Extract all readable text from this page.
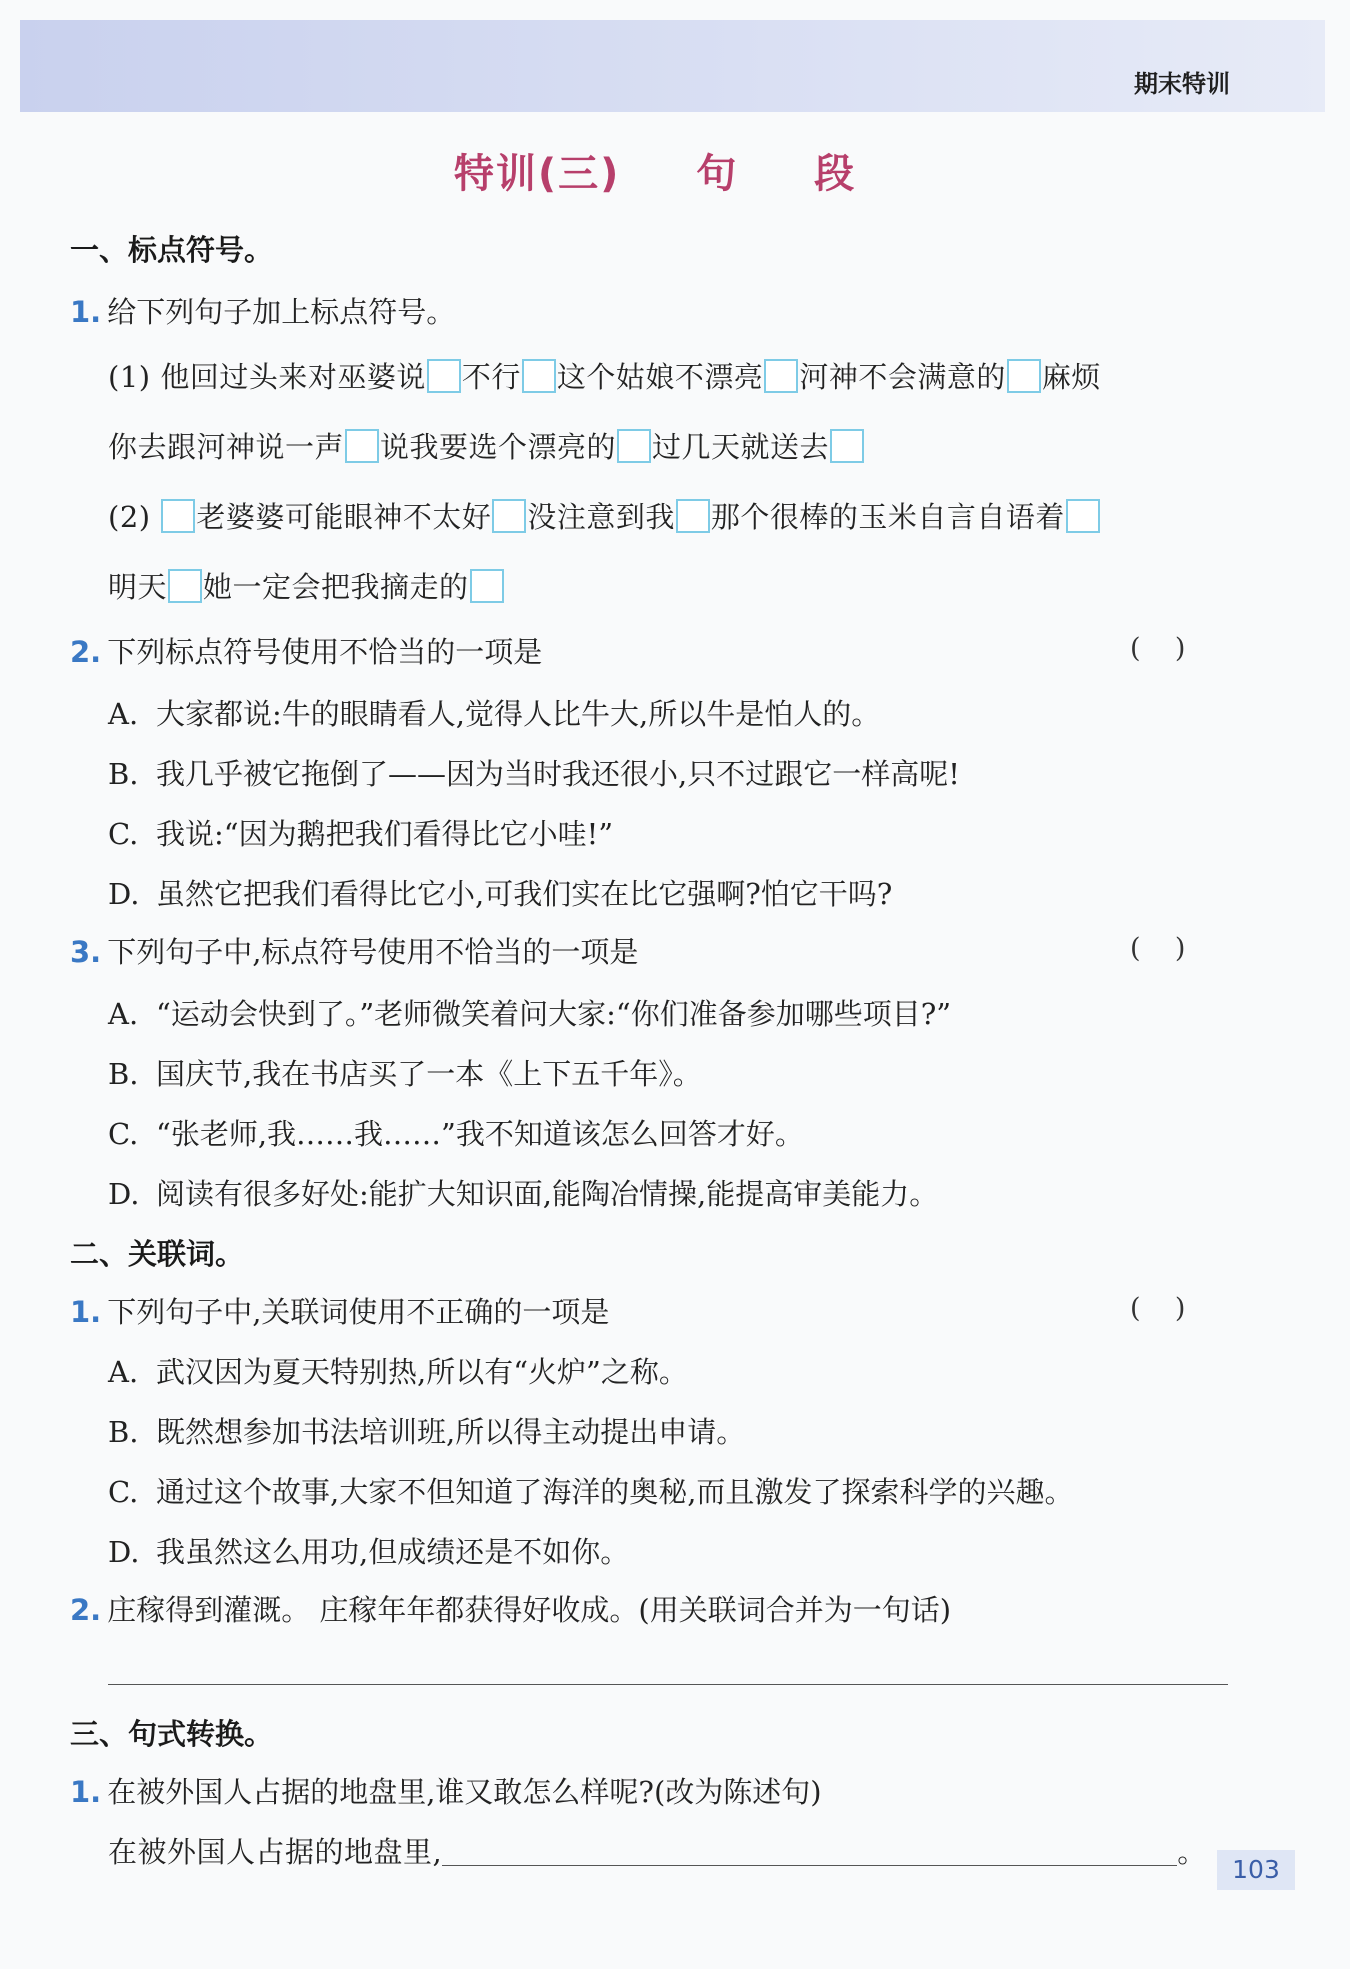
期末特训
特训(三)  句  段
一、标点符号。
1. 给下列句子加上标点符号。
(1) 他回过头来对巫婆说 不行 这个姑娘不漂亮 河神不会满意的 麻烦
你去跟河神说一声 说我要选个漂亮的 过几天就送去
(2) 老婆婆可能眼神不太好 没注意到我 那个很棒的玉米自言自语着
明天 她一定会把我摘走的
2. 下列标点符号使用不恰当的一项是	(    )
A. 大家都说:牛的眼睛看人,觉得人比牛大,所以牛是怕人的。
B. 我几乎被它拖倒了——因为当时我还很小,只不过跟它一样高呢!
C. 我说:“因为鹅把我们看得比它小哇!”
D. 虽然它把我们看得比它小,可我们实在比它强啊?怕它干吗?
3. 下列句子中,标点符号使用不恰当的一项是	(    )
A. “运动会快到了。”老师微笑着问大家:“你们准备参加哪些项目?”
B. 国庆节,我在书店买了一本《上下五千年》。
C. “张老师,我……我……”我不知道该怎么回答才好。
D. 阅读有很多好处:能扩大知识面,能陶冶情操,能提高审美能力。
二、关联词。
1. 下列句子中,关联词使用不正确的一项是	(    )
A. 武汉因为夏天特别热,所以有“火炉”之称。
B. 既然想参加书法培训班,所以得主动提出申请。
C. 通过这个故事,大家不但知道了海洋的奥秘,而且激发了探索科学的兴趣。
D. 我虽然这么用功,但成绩还是不如你。
2. 庄稼得到灌溉。 庄稼年年都获得好收成。(用关联词合并为一句话)
三、句式转换。
1. 在被外国人占据的地盘里,谁又敢怎么样呢?(改为陈述句)
在被外国人占据的地盘里,	。
103
